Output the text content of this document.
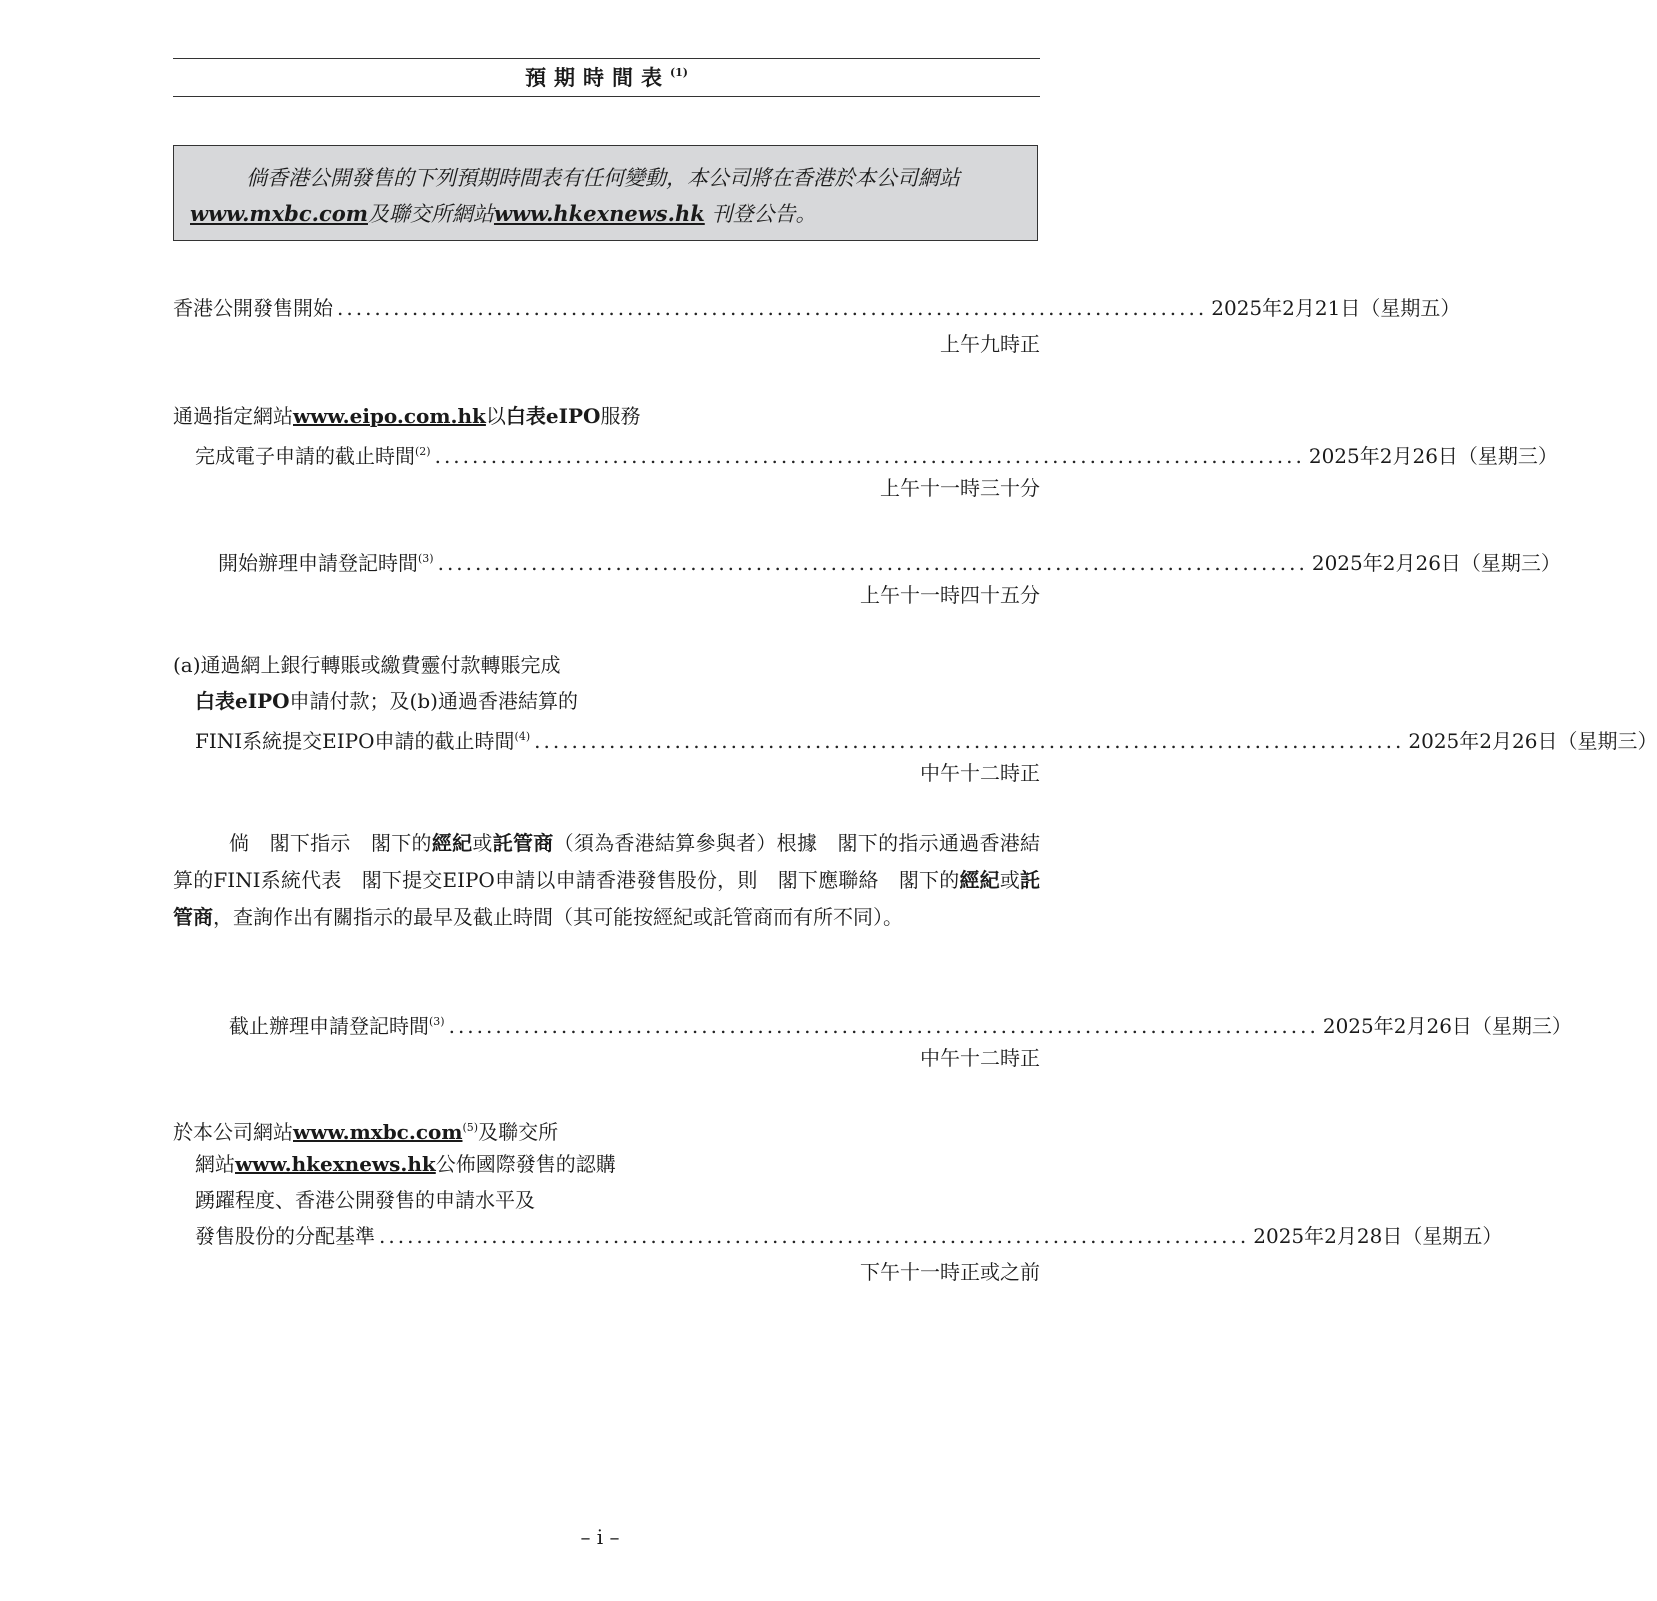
預期時間表$^{(1)}$
倘香港公開發售的下列預期時間表有任何變動，本公司將在香港於本公司網站www.mxbc.com及聯交所網站www.hkexnews.hk 刊登公告。
香港公開發售開始 ............................................................................................. 2025年2月21日（星期五）
上午九時正
通過指定網站www.eipo.com.hk以白表eIPO服務
完成電子申請的截止時間$^{(2)}$ ............................................................................................. 2025年2月26日（星期三）
上午十一時三十分
開始辦理申請登記時間$^{(3)}$ ............................................................................................. 2025年2月26日（星期三）
上午十一時四十五分
(a)通過網上銀行轉賬或繳費靈付款轉賬完成
白表eIPO申請付款；及(b)通過香港結算的
FINI系統提交EIPO申請的截止時間$^{(4)}$ ............................................................................................. 2025年2月26日（星期三）
中午十二時正
倘　閣下指示　閣下的經紀或託管商（須為香港結算參與者）根據　閣下的指示通過香港結算的FINI系統代表　閣下提交EIPO申請以申請香港發售股份，則　閣下應聯絡　閣下的經紀或託管商，查詢作出有關指示的最早及截止時間（其可能按經紀或託管商而有所不同）。
截止辦理申請登記時間$^{(3)}$ ............................................................................................. 2025年2月26日（星期三）
中午十二時正
於本公司網站www.mxbc.com$^{(5)}$及聯交所
網站www.hkexnews.hk公佈國際發售的認購
踴躍程度、香港公開發售的申請水平及
發售股份的分配基準 ............................................................................................. 2025年2月28日（星期五）
下午十一時正或之前
– i –
